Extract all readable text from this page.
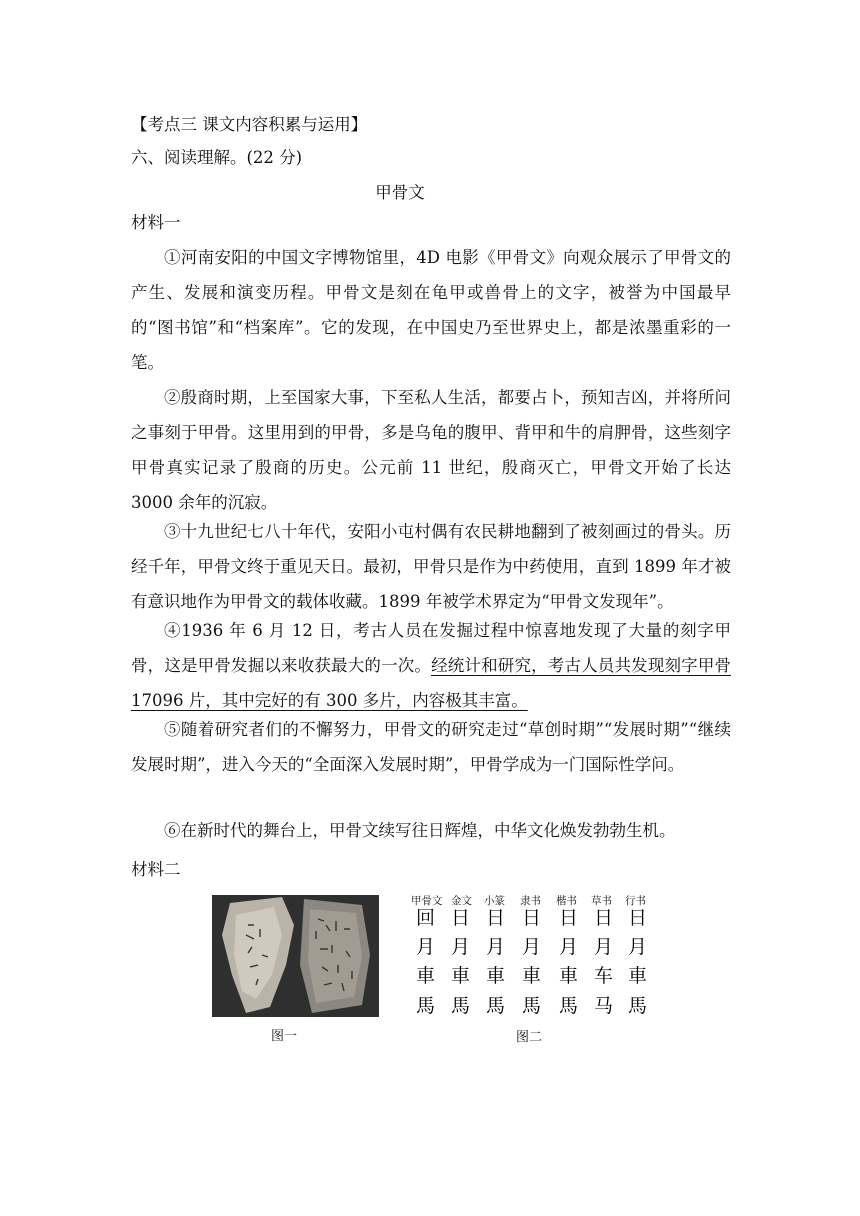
【考点三 课文内容积累与运用】
六、阅读理解。(22 分)
甲骨文
材料一
①河南安阳的中国文字博物馆里，4D 电影《甲骨文》向观众展示了甲骨文的产生、发展和演变历程。甲骨文是刻在龟甲或兽骨上的文字，被誉为中国最早的“图书馆”和“档案库”。它的发现，在中国史乃至世界史上，都是浓墨重彩的一笔。
②殷商时期，上至国家大事，下至私人生活，都要占卜，预知吉凶，并将所问之事刻于甲骨。这里用到的甲骨，多是乌龟的腹甲、背甲和牛的肩胛骨，这些刻字甲骨真实记录了殷商的历史。公元前 11 世纪，殷商灭亡，甲骨文开始了长达 3000 余年的沉寂。
③十九世纪七八十年代，安阳小屯村偶有农民耕地翻到了被刻画过的骨头。历经千年，甲骨文终于重见天日。最初，甲骨只是作为中药使用，直到 1899 年才被有意识地作为甲骨文的载体收藏。1899 年被学术界定为“甲骨文发现年”。
④1936 年 6 月 12 日，考古人员在发掘过程中惊喜地发现了大量的刻字甲骨，这是甲骨发掘以来收获最大的一次。经统计和研究，考古人员共发现刻字甲骨 17096 片，其中完好的有 300 多片，内容极其丰富。
⑤随着研究者们的不懈努力，甲骨文的研究走过“草创时期”“发展时期”“继续发展时期”，进入今天的“全面深入发展时期”，甲骨学成为一门国际性学问。
⑥在新时代的舞台上，甲骨文续写往日辉煌，中华文化焕发勃勃生机。
材料二
图一
甲骨文 金文 小篆 隶书 楷书 草书 行书
回 日 日 日 日 日 日
月 月 月 月 月 月 月
車 車 車 車 車 车 車
馬 馬 馬 馬 馬 马 馬
图二
